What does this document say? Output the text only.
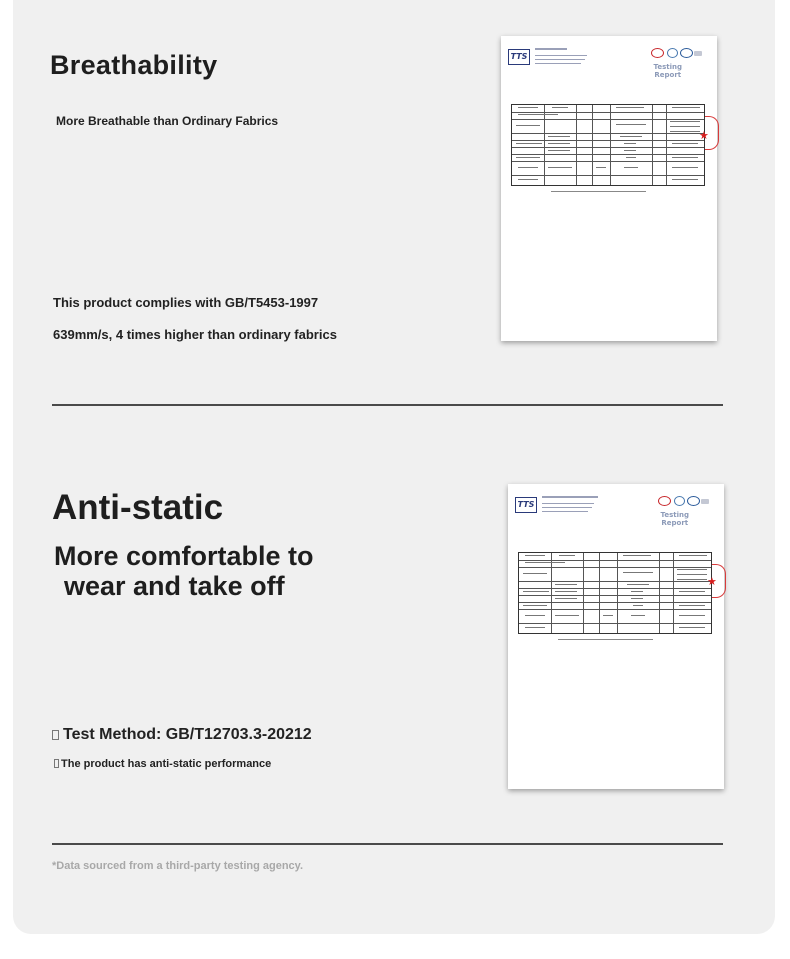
Breathability
More Breathable than Ordinary Fabrics
This product complies with GB/T5453-1997
639mm/s, 4 times higher than ordinary fabrics
TTS
Testing
Report
★
Anti-static
More comfortable to
wear and take off
Test Method: GB/T12703.3-20212
The product has anti-static performance
TTS
Testing
Report
★
*Data sourced from a third-party testing agency.
